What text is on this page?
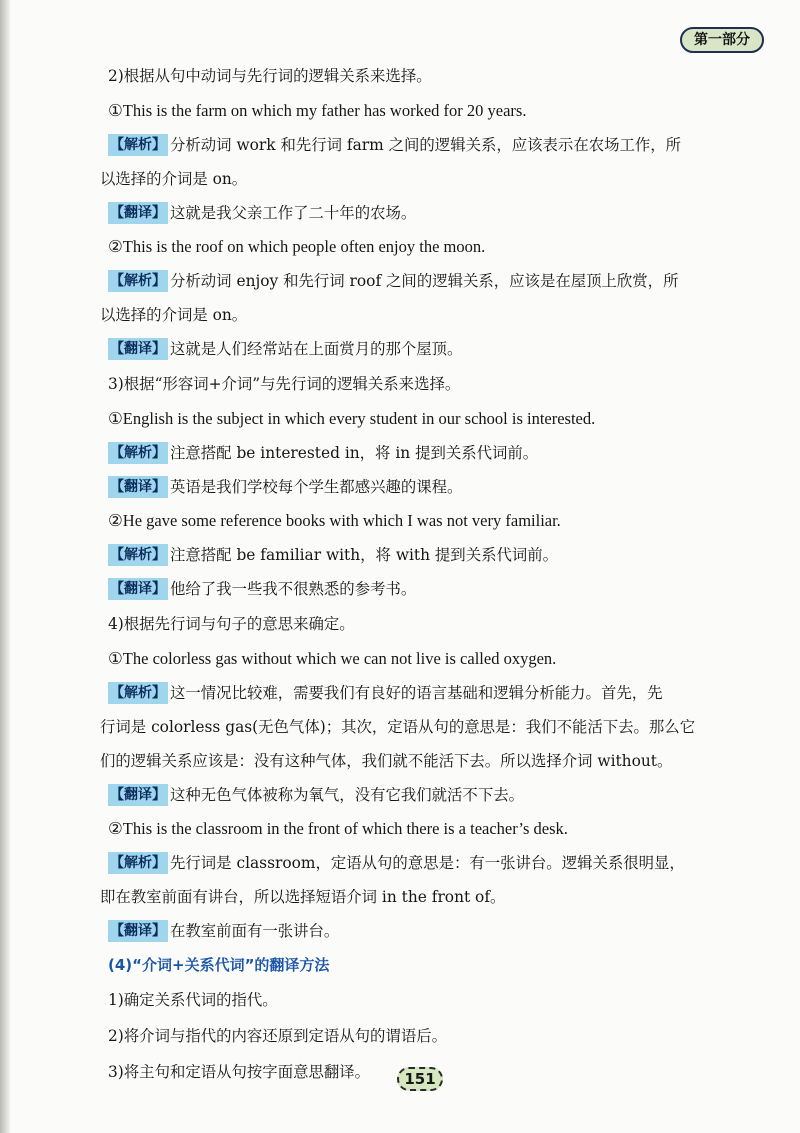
第一部分
2)根据从句中动词与先行词的逻辑关系来选择。
①This is the farm on which my father has worked for 20 years.
【解析】 分析动词 work 和先行词 farm 之间的逻辑关系，应该表示在农场工作，所
以选择的介词是 on。
【翻译】 这就是我父亲工作了二十年的农场。
②This is the roof on which people often enjoy the moon.
【解析】 分析动词 enjoy 和先行词 roof 之间的逻辑关系，应该是在屋顶上欣赏，所
以选择的介词是 on。
【翻译】 这就是人们经常站在上面赏月的那个屋顶。
3)根据“形容词+介词”与先行词的逻辑关系来选择。
①English is the subject in which every student in our school is interested.
【解析】 注意搭配 be interested in，将 in 提到关系代词前。
【翻译】 英语是我们学校每个学生都感兴趣的课程。
②He gave some reference books with which I was not very familiar.
【解析】 注意搭配 be familiar with，将 with 提到关系代词前。
【翻译】 他给了我一些我不很熟悉的参考书。
4)根据先行词与句子的意思来确定。
①The colorless gas without which we can not live is called oxygen.
【解析】 这一情况比较难，需要我们有良好的语言基础和逻辑分析能力。首先，先
行词是 colorless gas(无色气体)；其次，定语从句的意思是：我们不能活下去。那么它
们的逻辑关系应该是：没有这种气体，我们就不能活下去。所以选择介词 without。
【翻译】 这种无色气体被称为氧气，没有它我们就活不下去。
②This is the classroom in the front of which there is a teacher’s desk.
【解析】 先行词是 classroom，定语从句的意思是：有一张讲台。逻辑关系很明显，
即在教室前面有讲台，所以选择短语介词 in the front of。
【翻译】 在教室前面有一张讲台。
(4)“介词+关系代词”的翻译方法
1)确定关系代词的指代。
2)将介词与指代的内容还原到定语从句的谓语后。
3)将主句和定语从句按字面意思翻译。	151
